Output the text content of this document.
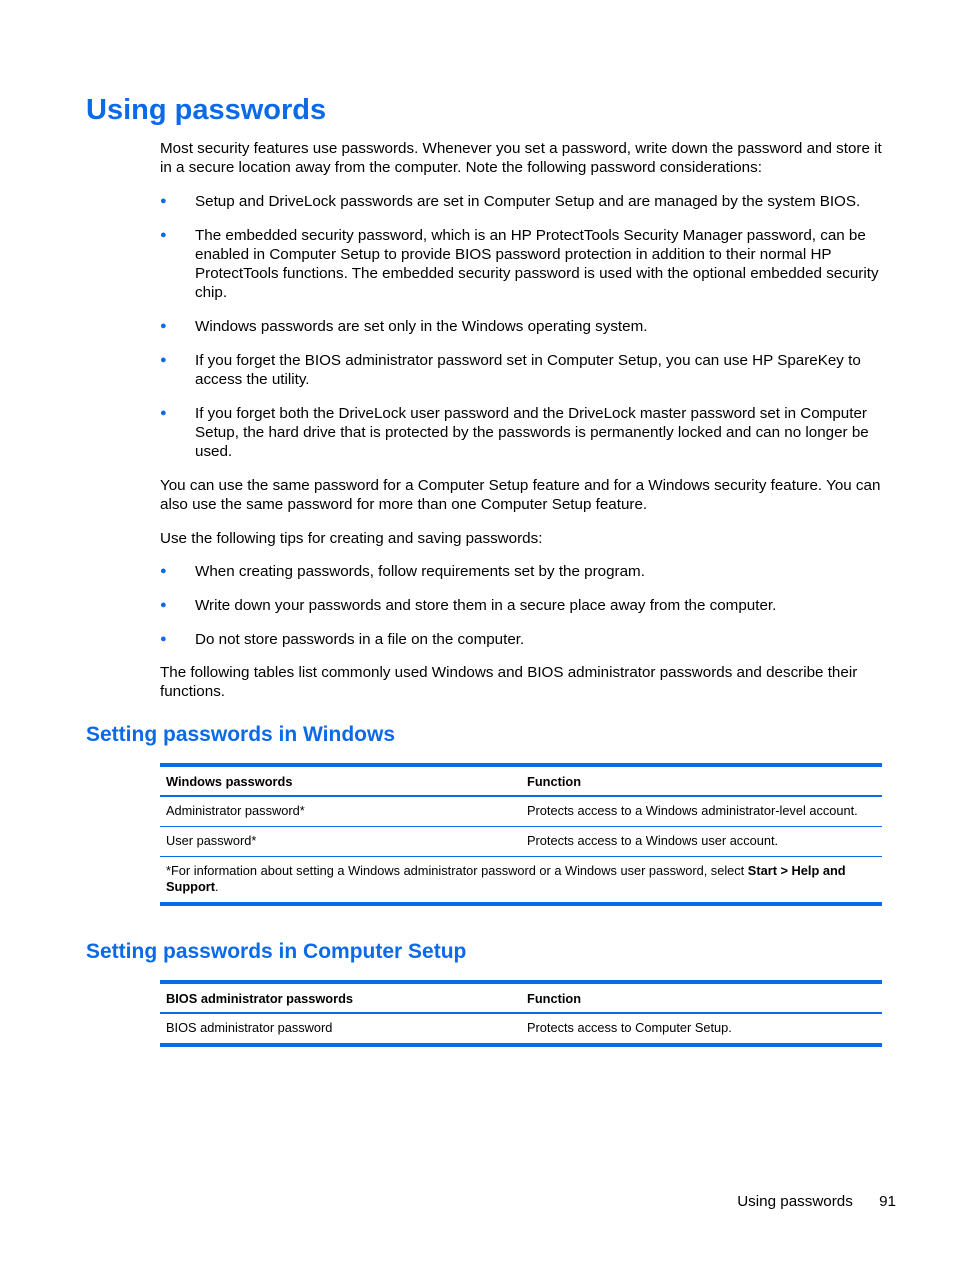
Using passwords

Most security features use passwords. Whenever you set a password, write down the password and store it in a secure location away from the computer. Note the following password considerations:

●	Setup and DriveLock passwords are set in Computer Setup and are managed by the system BIOS.
●	The embedded security password, which is an HP ProtectTools Security Manager password, can be enabled in Computer Setup to provide BIOS password protection in addition to their normal HP ProtectTools functions. The embedded security password is used with the optional embedded security chip.
●	Windows passwords are set only in the Windows operating system.
●	If you forget the BIOS administrator password set in Computer Setup, you can use HP SpareKey to access the utility.
●	If you forget both the DriveLock user password and the DriveLock master password set in Computer Setup, the hard drive that is protected by the passwords is permanently locked and can no longer be used.

You can use the same password for a Computer Setup feature and for a Windows security feature. You can also use the same password for more than one Computer Setup feature.

Use the following tips for creating and saving passwords:

●	When creating passwords, follow requirements set by the program.
●	Write down your passwords and store them in a secure place away from the computer.
●	Do not store passwords in a file on the computer.

The following tables list commonly used Windows and BIOS administrator passwords and describe their functions.

Setting passwords in Windows
Windows passwords	Function
Administrator password*	Protects access to a Windows administrator-level account.
User password*	Protects access to a Windows user account.
*For information about setting a Windows administrator password or a Windows user password, select Start > Help and Support.
Setting passwords in Computer Setup
BIOS administrator passwords	Function
BIOS administrator password	Protects access to Computer Setup.
Using passwords 91
